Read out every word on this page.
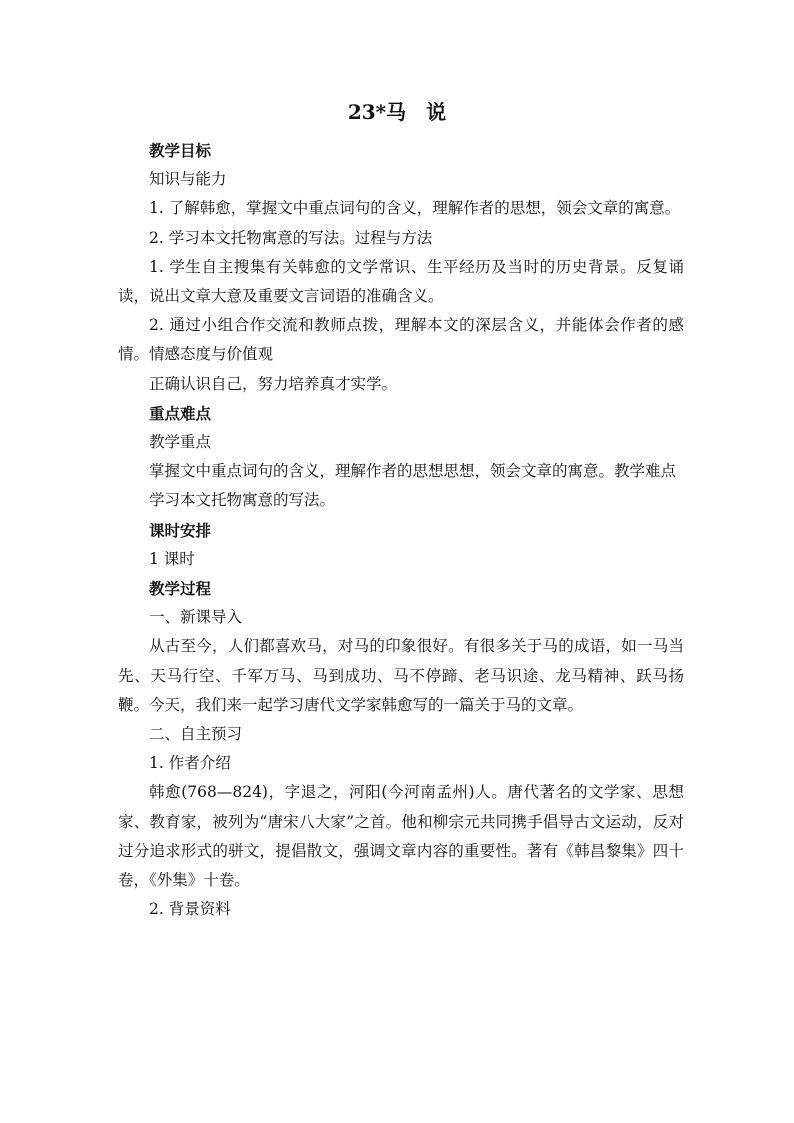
23*马　说

教学目标

知识与能力

1. 了解韩愈，掌握文中重点词句的含义，理解作者的思想，领会文章的寓意。

2. 学习本文托物寓意的写法。过程与方法

1. 学生自主搜集有关韩愈的文学常识、生平经历及当时的历史背景。反复诵读，说出文章大意及重要文言词语的准确含义。

2. 通过小组合作交流和教师点拨，理解本文的深层含义，并能体会作者的感情。情感态度与价值观

正确认识自己，努力培养真才实学。

重点难点

教学重点

掌握文中重点词句的含义，理解作者的思想思想，领会文章的寓意。教学难点

学习本文托物寓意的写法。

课时安排

1 课时

教学过程

一、新课导入

从古至今，人们都喜欢马，对马的印象很好。有很多关于马的成语，如一马当先、天马行空、千军万马、马到成功、马不停蹄、老马识途、龙马精神、跃马扬鞭。今天，我们来一起学习唐代文学家韩愈写的一篇关于马的文章。

二、自主预习

1. 作者介绍

韩愈(768—824)，字退之，河阳(今河南孟州)人。唐代著名的文学家、思想家、教育家，被列为“唐宋八大家”之首。他和柳宗元共同携手倡导古文运动，反对过分追求形式的骈文，提倡散文，强调文章内容的重要性。著有《韩昌黎集》四十卷，《外集》十卷。

2. 背景资料
